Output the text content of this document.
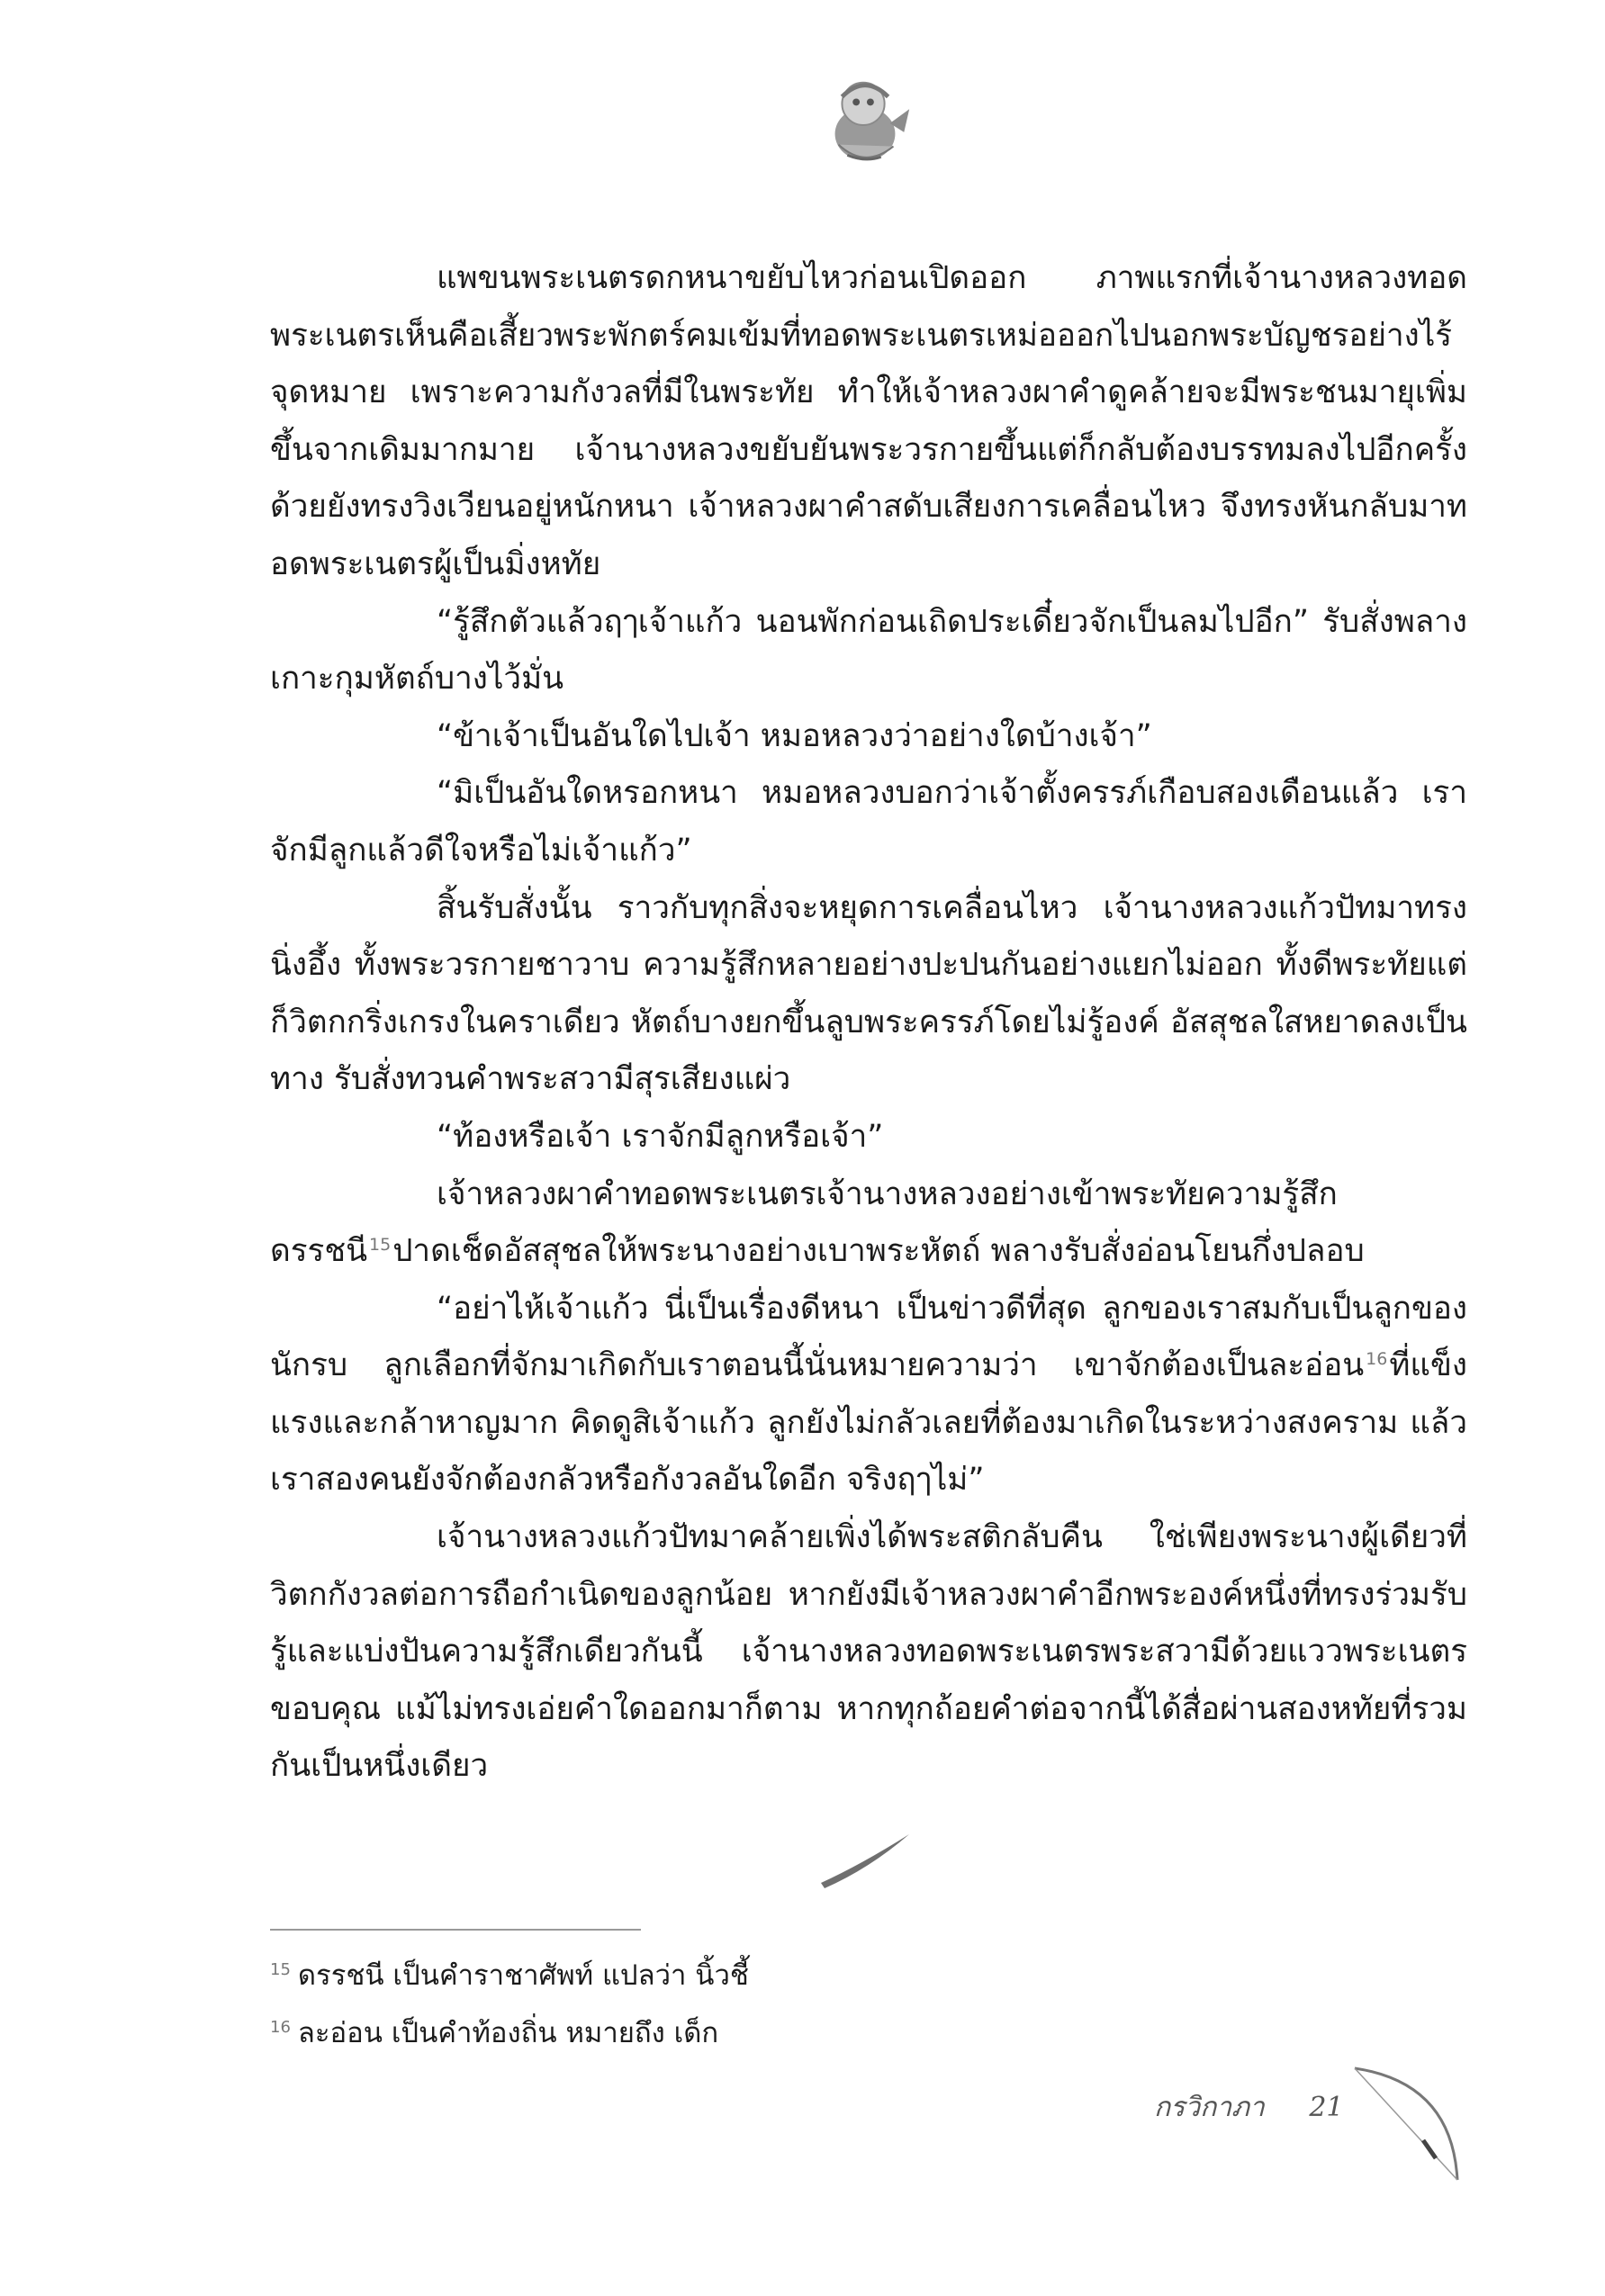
แพขนพระเนตรดกหนาขยับไหวก่อนเปิดออก ภาพแรกที่เจ้านางหลวงทอดพระเนตรเห็นคือเสี้ยวพระพักตร์คมเข้มที่ทอดพระเนตรเหม่อออกไปนอกพระบัญชรอย่างไร้จุดหมาย เพราะความกังวลที่มีในพระทัย ทำให้เจ้าหลวงผาคำดูคล้ายจะมีพระชนมายุเพิ่มขึ้นจากเดิมมากมาย เจ้านางหลวงขยับยันพระวรกายขึ้นแต่ก็กลับต้องบรรทมลงไปอีกครั้งด้วยยังทรงวิงเวียนอยู่หนักหนา เจ้าหลวงผาคำสดับเสียงการเคลื่อนไหว จึงทรงหันกลับมาทอดพระเนตรผู้เป็นมิ่งหทัย

“รู้สึกตัวแล้วฤๅเจ้าแก้ว นอนพักก่อนเถิดประเดี๋ยวจักเป็นลมไปอีก” รับสั่งพลางเกาะกุมหัตถ์บางไว้มั่น

“ข้าเจ้าเป็นอันใดไปเจ้า หมอหลวงว่าอย่างใดบ้างเจ้า”

“มิเป็นอันใดหรอกหนา หมอหลวงบอกว่าเจ้าตั้งครรภ์เกือบสองเดือนแล้ว เราจักมีลูกแล้วดีใจหรือไม่เจ้าแก้ว”

สิ้นรับสั่งนั้น ราวกับทุกสิ่งจะหยุดการเคลื่อนไหว เจ้านางหลวงแก้วปัทมาทรงนิ่งอึ้ง ทั้งพระวรกายชาวาบ ความรู้สึกหลายอย่างปะปนกันอย่างแยกไม่ออก ทั้งดีพระทัยแต่ก็วิตกกริ่งเกรงในคราเดียว หัตถ์บางยกขึ้นลูบพระครรภ์โดยไม่รู้องค์ อัสสุชลใสหยาดลงเป็นทาง รับสั่งทวนคำพระสวามีสุรเสียงแผ่ว

“ท้องหรือเจ้า เราจักมีลูกหรือเจ้า”

เจ้าหลวงผาคำทอดพระเนตรเจ้านางหลวงอย่างเข้าพระทัยความรู้สึก ดรรชนี $^{15}$ปาดเช็ดอัสสุชลให้พระนางอย่างเบาพระหัตถ์ พลางรับสั่งอ่อนโยนกึ่งปลอบ

“อย่าไห้เจ้าแก้ว นี่เป็นเรื่องดีหนา เป็นข่าวดีที่สุด ลูกของเราสมกับเป็นลูกของนักรบ ลูกเลือกที่จักมาเกิดกับเราตอนนี้นั่นหมายความว่า เขาจักต้องเป็นละอ่อน $^{16}$ที่แข็งแรงและกล้าหาญมาก คิดดูสิเจ้าแก้ว ลูกยังไม่กลัวเลยที่ต้องมาเกิดในระหว่างสงคราม แล้วเราสองคนยังจักต้องกลัวหรือกังวลอันใดอีก จริงฤๅไม่”

เจ้านางหลวงแก้วปัทมาคล้ายเพิ่งได้พระสติกลับคืน ใช่เพียงพระนางผู้เดียวที่วิตกกังวลต่อการถือกำเนิดของลูกน้อย หากยังมีเจ้าหลวงผาคำอีกพระองค์หนึ่งที่ทรงร่วมรับรู้และแบ่งปันความรู้สึกเดียวกันนี้ เจ้านางหลวงทอดพระเนตรพระสวามีด้วยแววพระเนตรขอบคุณ แม้ไม่ทรงเอ่ยคำใดออกมาก็ตาม หากทุกถ้อยคำต่อจากนี้ได้สื่อผ่านสองหทัยที่รวมกันเป็นหนึ่งเดียว

$^{15}$ ดรรชนี เป็นคำราชาศัพท์ แปลว่า นิ้วชี้

$^{16}$ ละอ่อน เป็นคำท้องถิ่น หมายถึง เด็ก

กรวิกาภา 21
